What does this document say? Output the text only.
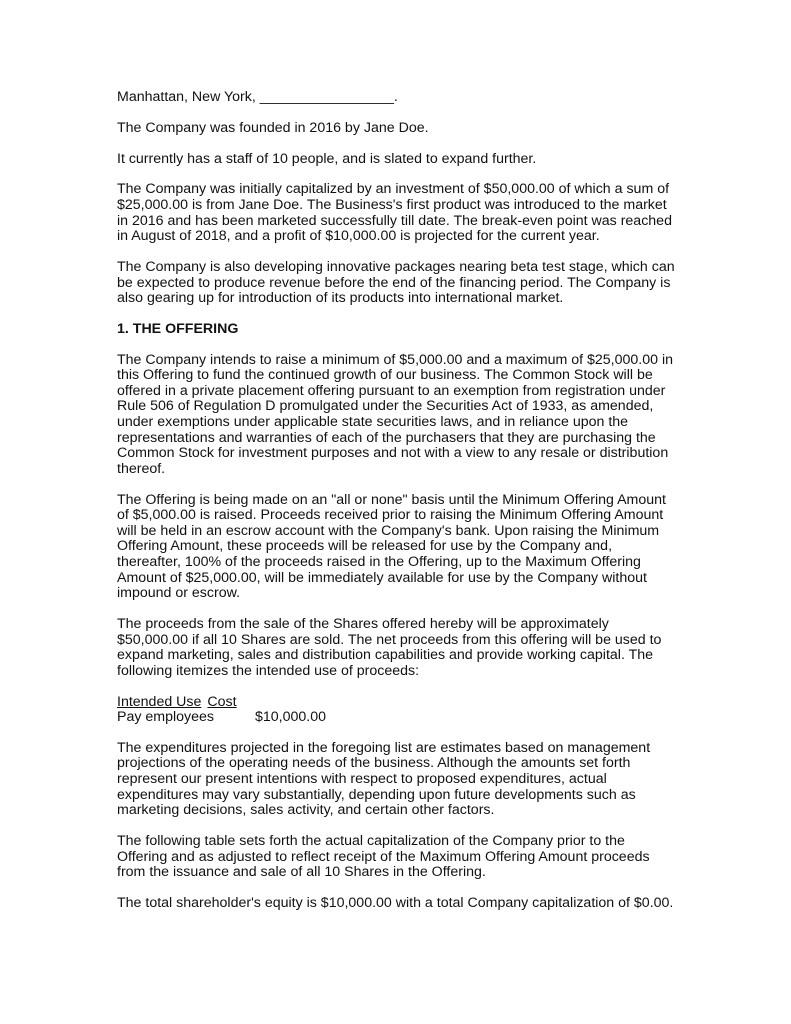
Manhattan, New York, _________________.

The Company was founded in 2016 by Jane Doe.

It currently has a staff of 10 people, and is slated to expand further.

The Company was initially capitalized by an investment of $50,000.00 of which a sum of $25,000.00 is from Jane Doe. The Business's first product was introduced to the market in 2016 and has been marketed successfully till date. The break-even point was reached in August of 2018, and a profit of $10,000.00 is projected for the current year.

The Company is also developing innovative packages nearing beta test stage, which can be expected to produce revenue before the end of the financing period. The Company is also gearing up for introduction of its products into international market.

1. THE OFFERING

The Company intends to raise a minimum of $5,000.00 and a maximum of $25,000.00 in this Offering to fund the continued growth of our business. The Common Stock will be offered in a private placement offering pursuant to an exemption from registration under Rule 506 of Regulation D promulgated under the Securities Act of 1933, as amended, under exemptions under applicable state securities laws, and in reliance upon the representations and warranties of each of the purchasers that they are purchasing the Common Stock for investment purposes and not with a view to any resale or distribution thereof.

The Offering is being made on an "all or none" basis until the Minimum Offering Amount of $5,000.00 is raised. Proceeds received prior to raising the Minimum Offering Amount will be held in an escrow account with the Company's bank. Upon raising the Minimum Offering Amount, these proceeds will be released for use by the Company and, thereafter, 100% of the proceeds raised in the Offering, up to the Maximum Offering Amount of $25,000.00, will be immediately available for use by the Company without impound or escrow.

The proceeds from the sale of the Shares offered hereby will be approximately $50,000.00 if all 10 Shares are sold. The net proceeds from this offering will be used to expand marketing, sales and distribution capabilities and provide working capital. The following itemizes the intended use of proceeds:

Intended Use Cost
Pay employees	$10,000.00

The expenditures projected in the foregoing list are estimates based on management projections of the operating needs of the business. Although the amounts set forth represent our present intentions with respect to proposed expenditures, actual expenditures may vary substantially, depending upon future developments such as marketing decisions, sales activity, and certain other factors.

The following table sets forth the actual capitalization of the Company prior to the Offering and as adjusted to reflect receipt of the Maximum Offering Amount proceeds from the issuance and sale of all 10 Shares in the Offering.

The total shareholder's equity is $10,000.00 with a total Company capitalization of $0.00.
